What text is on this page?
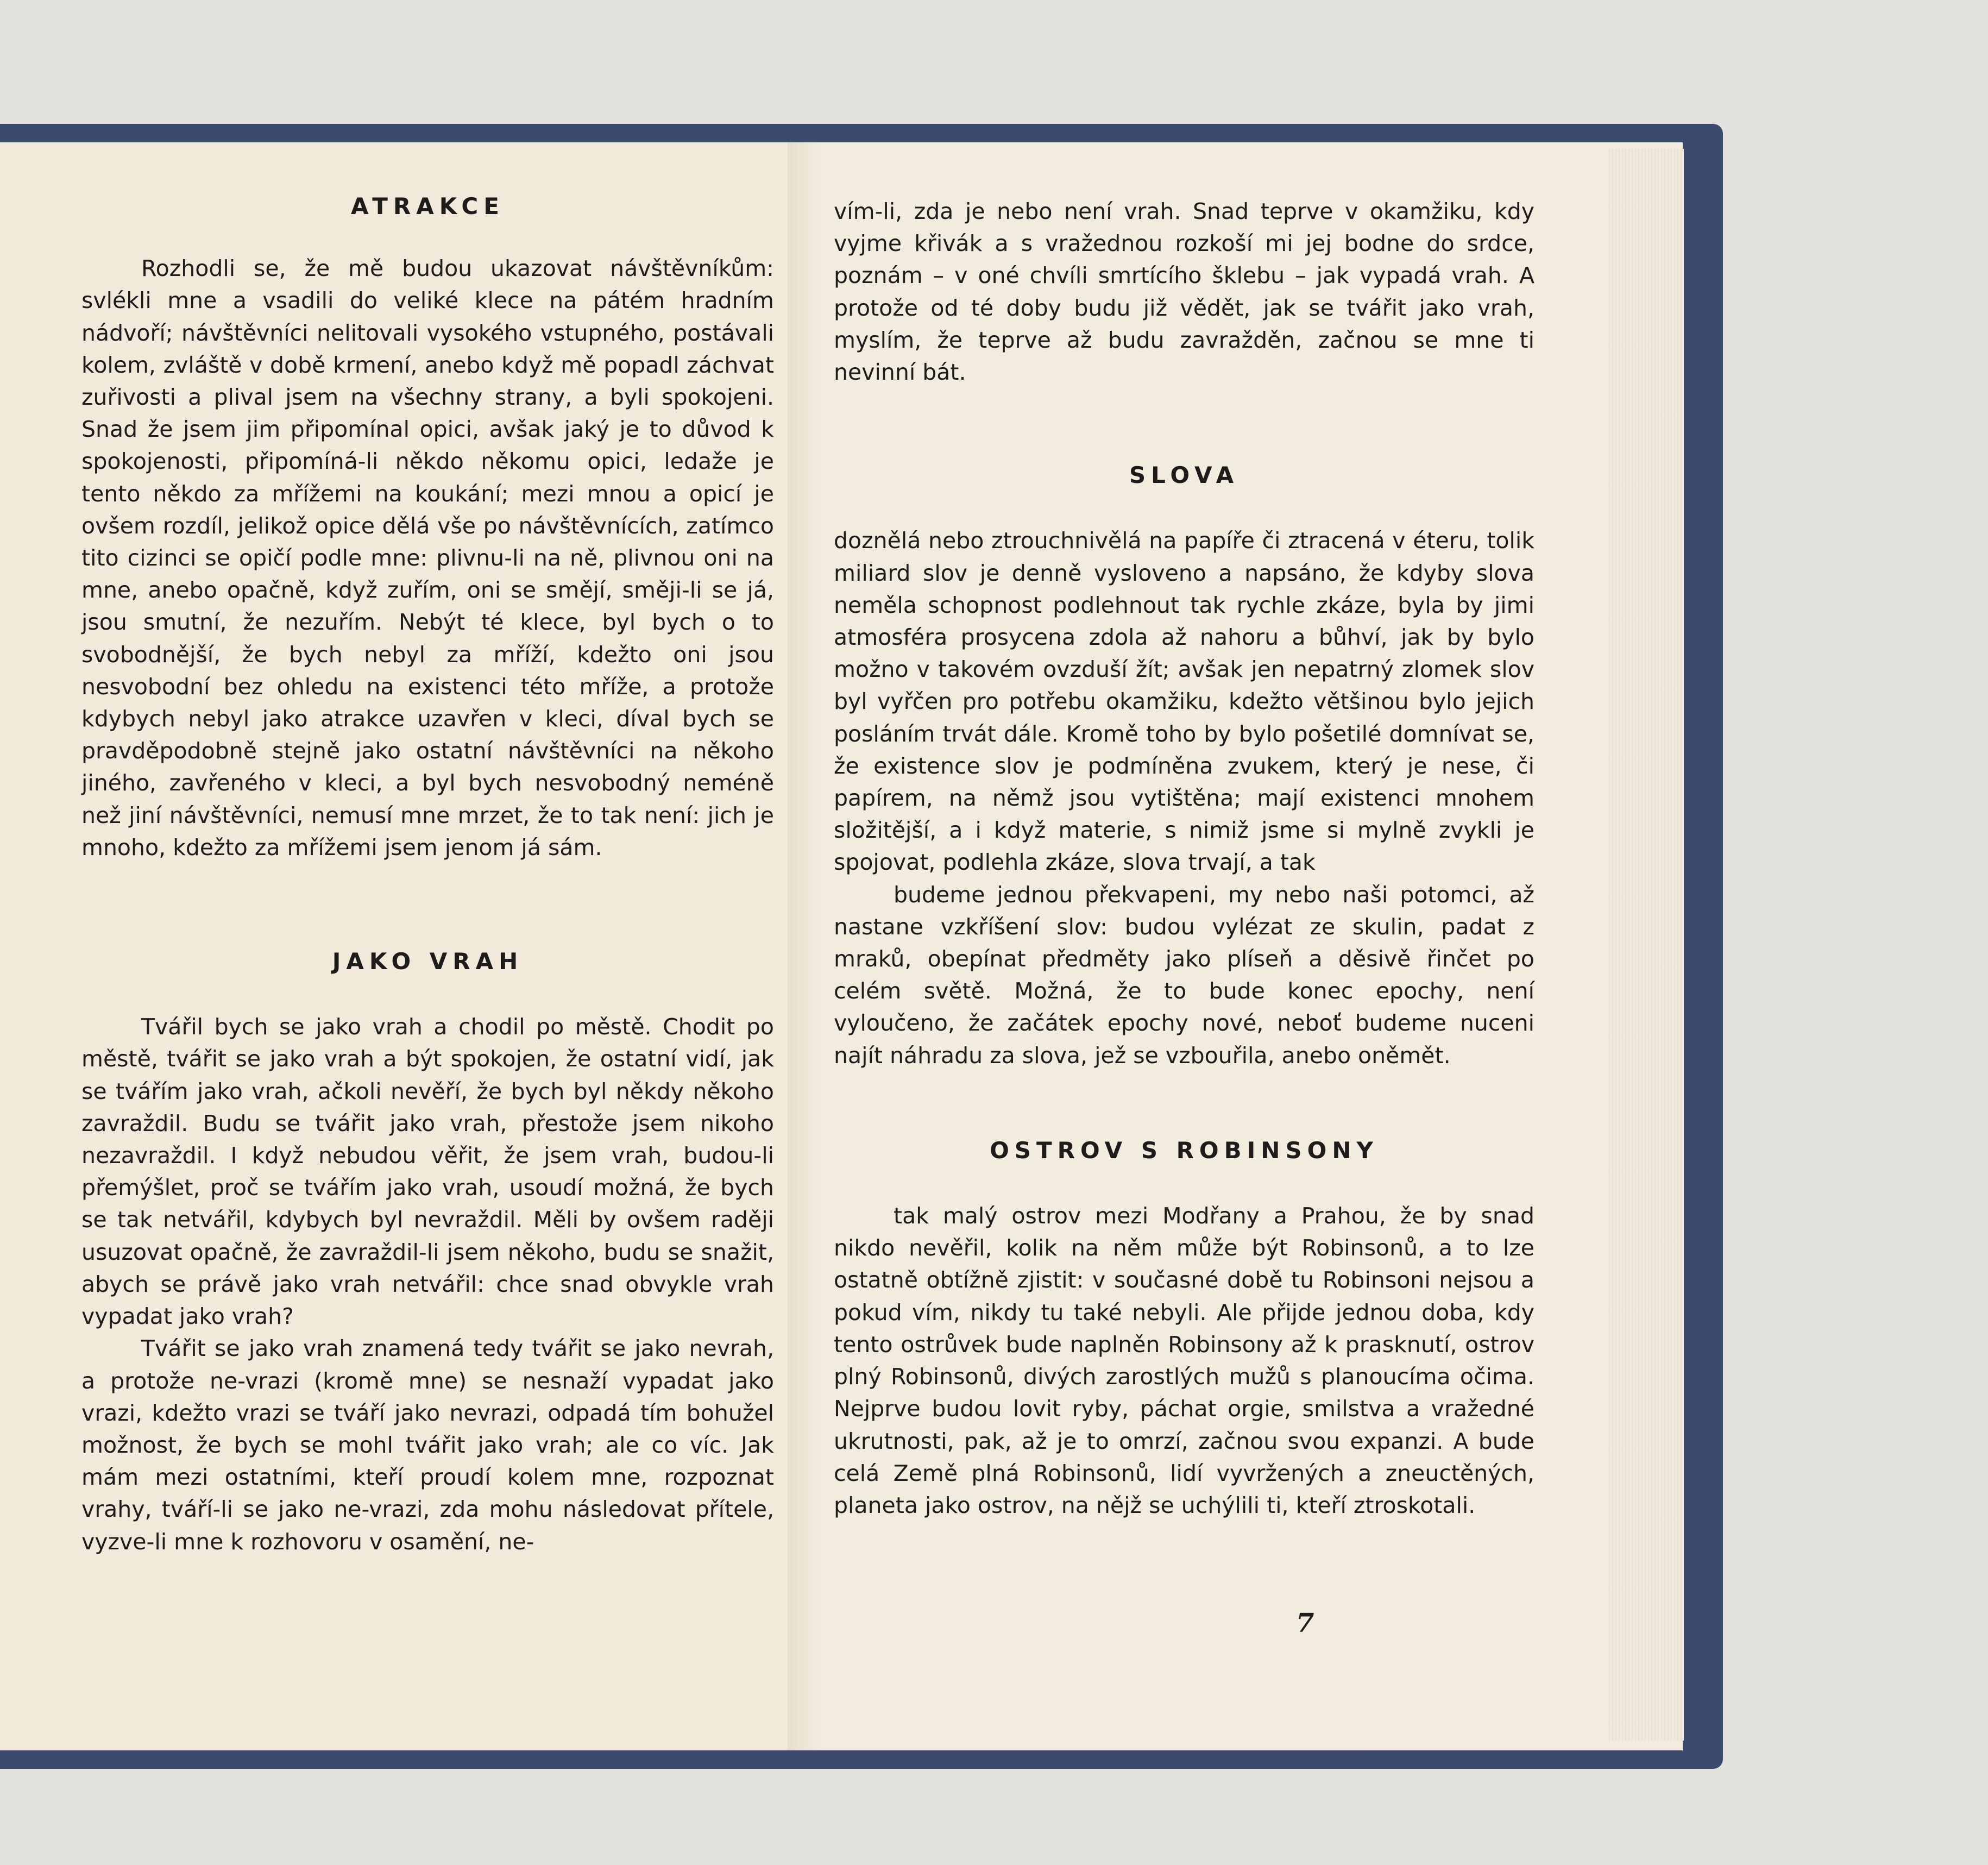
ATRAKCE

Rozhodli se, že mě budou ukazovat návštěvníkům: svlékli mne a vsadili do veliké klece na pátém hradním nádvoří; návštěvníci nelitovali vysokého vstupného, postávali kolem, zvláště v době krmení, anebo když mě popadl záchvat zuřivosti a plival jsem na všechny strany, a byli spokojeni. Snad že jsem jim připomínal opici, avšak jaký je to důvod k spokojenosti, připomíná-li někdo někomu opici, ledaže je tento někdo za mřížemi na koukání; mezi mnou a opicí je ovšem rozdíl, jelikož opice dělá vše po návštěvnících, zatímco tito cizinci se opičí podle mne: plivnu-li na ně, plivnou oni na mne, anebo opačně, když zuřím, oni se smějí, směji-li se já, jsou smutní, že nezuřím. Nebýt té klece, byl bych o to svobodnější, že bych nebyl za mříží, kdežto oni jsou nesvobodní bez ohledu na existenci této mříže, a protože kdybych nebyl jako atrakce uzavřen v kleci, díval bych se pravděpodobně stejně jako ostatní návštěvníci na někoho jiného, zavřeného v kleci, a byl bych nesvobodný neméně než jiní návštěvníci, nemusí mne mrzet, že to tak není: jich je mnoho, kdežto za mřížemi jsem jenom já sám.

JAKO VRAH

Tvářil bych se jako vrah a chodil po městě. Chodit po městě, tvářit se jako vrah a být spokojen, že ostatní vidí, jak se tvářím jako vrah, ačkoli nevěří, že bych byl někdy někoho zavraždil. Budu se tvářit jako vrah, přestože jsem nikoho nezavraždil. I když nebudou věřit, že jsem vrah, budou-li přemýšlet, proč se tvářím jako vrah, usoudí možná, že bych se tak netvářil, kdybych byl nevraždil. Měli by ovšem raději usuzovat opačně, že zavraždil-li jsem někoho, budu se snažit, abych se právě jako vrah netvářil: chce snad obvykle vrah vypadat jako vrah?

Tvářit se jako vrah znamená tedy tvářit se jako nevrah, a protože ne-vrazi (kromě mne) se nesnaží vypadat jako vrazi, kdežto vrazi se tváří jako nevrazi, odpadá tím bohužel možnost, že bych se mohl tvářit jako vrah; ale co víc. Jak mám mezi ostatními, kteří proudí kolem mne, rozpoznat vrahy, tváří-li se jako ne-vrazi, zda mohu následovat přítele, vyzve-li mne k rozhovoru v osamění, ne-

vím-li, zda je nebo není vrah. Snad teprve v okamžiku, kdy vyjme křivák a s vražednou rozkoší mi jej bodne do srdce, poznám – v oné chvíli smrtícího šklebu – jak vypadá vrah. A protože od té doby budu již vědět, jak se tvářit jako vrah, myslím, že teprve až budu zavražděn, začnou se mne ti nevinní bát.

SLOVA

doznělá nebo ztrouchnivělá na papíře či ztracená v éteru, tolik miliard slov je denně vysloveno a napsáno, že kdyby slova neměla schopnost podlehnout tak rychle zkáze, byla by jimi atmosféra prosycena zdola až nahoru a bůhví, jak by bylo možno v takovém ovzduší žít; avšak jen nepatrný zlomek slov byl vyřčen pro potřebu okamžiku, kdežto většinou bylo jejich posláním trvát dále. Kromě toho by bylo pošetilé domnívat se, že existence slov je podmíněna zvukem, který je nese, či papírem, na němž jsou vytištěna; mají existenci mnohem složitější, a i když materie, s nimiž jsme si mylně zvykli je spojovat, podlehla zkáze, slova trvají, a tak

budeme jednou překvapeni, my nebo naši potomci, až nastane vzkříšení slov: budou vylézat ze skulin, padat z mraků, obepínat předměty jako plíseň a děsivě řinčet po celém světě. Možná, že to bude konec epochy, není vyloučeno, že začátek epochy nové, neboť budeme nuceni najít náhradu za slova, jež se vzbouřila, anebo oněmět.

OSTROV S ROBINSONY

tak malý ostrov mezi Modřany a Prahou, že by snad nikdo nevěřil, kolik na něm může být Robinsonů, a to lze ostatně obtížně zjistit: v současné době tu Robinsoni nejsou a pokud vím, nikdy tu také nebyli. Ale přijde jednou doba, kdy tento ostrůvek bude naplněn Robinsony až k prasknutí, ostrov plný Robinsonů, divých zarostlých mužů s planoucíma očima. Nejprve budou lovit ryby, páchat orgie, smilstva a vražedné ukrutnosti, pak, až je to omrzí, začnou svou expanzi. A bude celá Země plná Robinsonů, lidí vyvržených a zneuctěných, planeta jako ostrov, na nějž se uchýlili ti, kteří ztroskotali.

7
